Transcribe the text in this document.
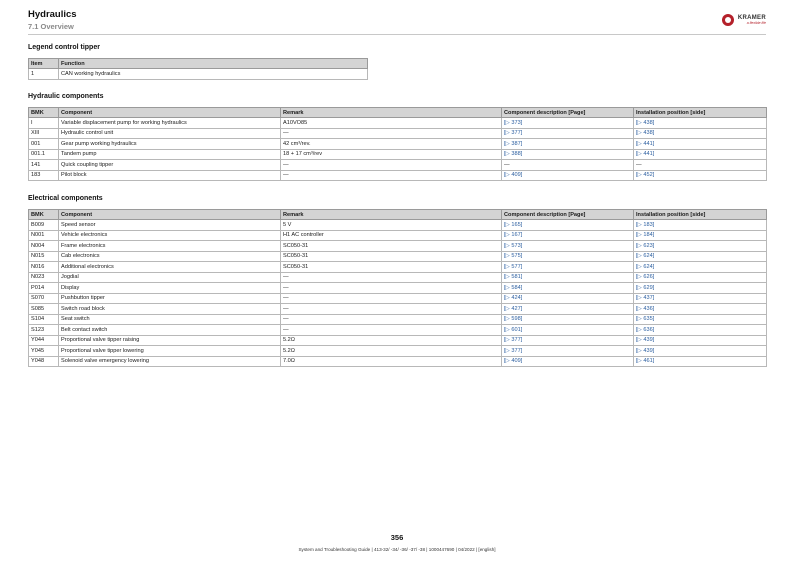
Hydraulics
7.1 Overview
KRAMER
a flexible life
Legend control tipper
Item	Function
1	CAN working hydraulics
Hydraulic components
BMK	Component	Remark	Component description [Page]	Installation position [side]
I	Variable displacement pump for working hydraulics	A10VO85	[▷ 373]	[▷ 438]
XIII	Hydraulic control unit	—	[▷ 377]	[▷ 438]
001	Gear pump working hydraulics	42 cm³/rev.	[▷ 387]	[▷ 441]
001.1	Tandem pump	18 + 17 cm³/rev	[▷ 388]	[▷ 441]
141	Quick coupling tipper	—	—	—
183	Pilot block	—	[▷ 409]	[▷ 452]
Electrical components
BMK	Component	Remark	Component description [Page]	Installation position [side]
B009	Speed sensor	5 V	[▷ 165]	[▷ 183]
N001	Vehicle electronics	H1 AC controller	[▷ 167]	[▷ 184]
N004	Frame electronics	SC050-31	[▷ 573]	[▷ 623]
N015	Cab electronics	SC050-31	[▷ 575]	[▷ 624]
N016	Additional electronics	SC050-31	[▷ 577]	[▷ 624]
N023	Jogdial	—	[▷ 581]	[▷ 626]
P014	Display	—	[▷ 584]	[▷ 629]
S070	Pushbutton tipper	—	[▷ 424]	[▷ 437]
S085	Switch road block	—	[▷ 427]	[▷ 436]
S104	Seat switch	—	[▷ 598]	[▷ 635]
S123	Belt contact switch	—	[▷ 601]	[▷ 636]
Y044	Proportional valve tipper raising	5.2Ω	[▷ 377]	[▷ 439]
Y045	Proportional valve tipper lowering	5.2Ω	[▷ 377]	[▷ 439]
Y048	Solenoid valve emergency lowering	7.0Ω	[▷ 409]	[▷ 461]
356
System and Troubleshooting Guide | 413-32/ -34/ -36/ -37/ -38 | 1000447690 | 04/2022 | [english]
